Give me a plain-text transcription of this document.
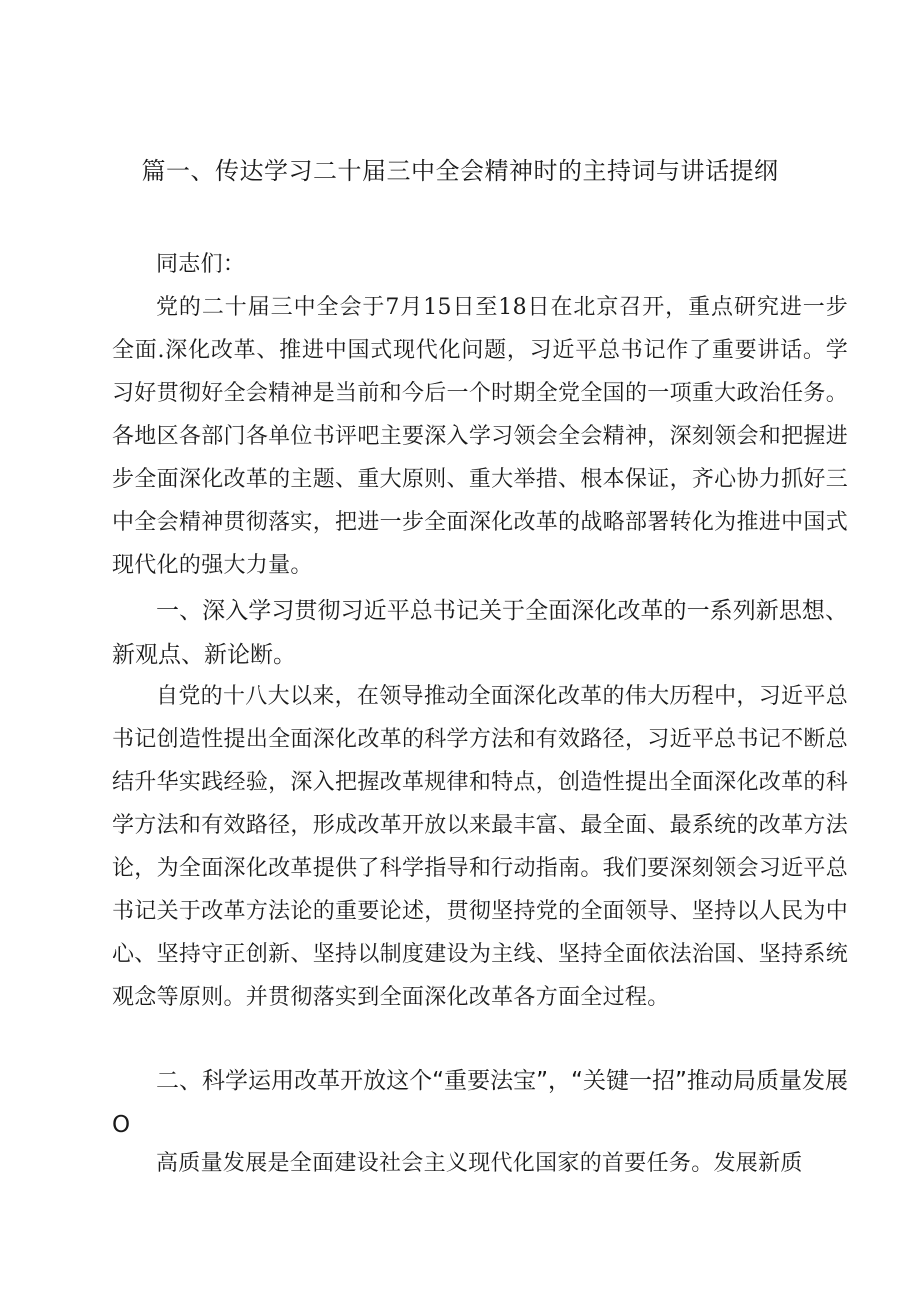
篇一、传达学习二十届三中全会精神时的主持词与讲话提纲

同志们：

党的二十届三中全会于7月15日至18日在北京召开，重点研究进一步全面.深化改革、推进中国式现代化问题，习近平总书记作了重要讲话。学习好贯彻好全会精神是当前和今后一个时期全党全国的一项重大政治任务。各地区各部门各单位书评吧主要深入学习领会全会精神，深刻领会和把握进步全面深化改革的主题、重大原则、重大举措、根本保证，齐心协力抓好三中全会精神贯彻落实，把进一步全面深化改革的战略部署转化为推进中国式现代化的强大力量。

一、深入学习贯彻习近平总书记关于全面深化改革的一系列新思想、新观点、新论断。

自党的十八大以来，在领导推动全面深化改革的伟大历程中，习近平总书记创造性提出全面深化改革的科学方法和有效路径，习近平总书记不断总结升华实践经验，深入把握改革规律和特点，创造性提出全面深化改革的科学方法和有效路径，形成改革开放以来最丰富、最全面、最系统的改革方法论，为全面深化改革提供了科学指导和行动指南。我们要深刻领会习近平总书记关于改革方法论的重要论述，贯彻坚持党的全面领导、坚持以人民为中心、坚持守正创新、坚持以制度建设为主线、坚持全面依法治国、坚持系统观念等原则。并贯彻落实到全面深化改革各方面全过程。

二、科学运用改革开放这个“重要法宝”，“关键一招”推动局质量发展O

高质量发展是全面建设社会主义现代化国家的首要任务。发展新质
